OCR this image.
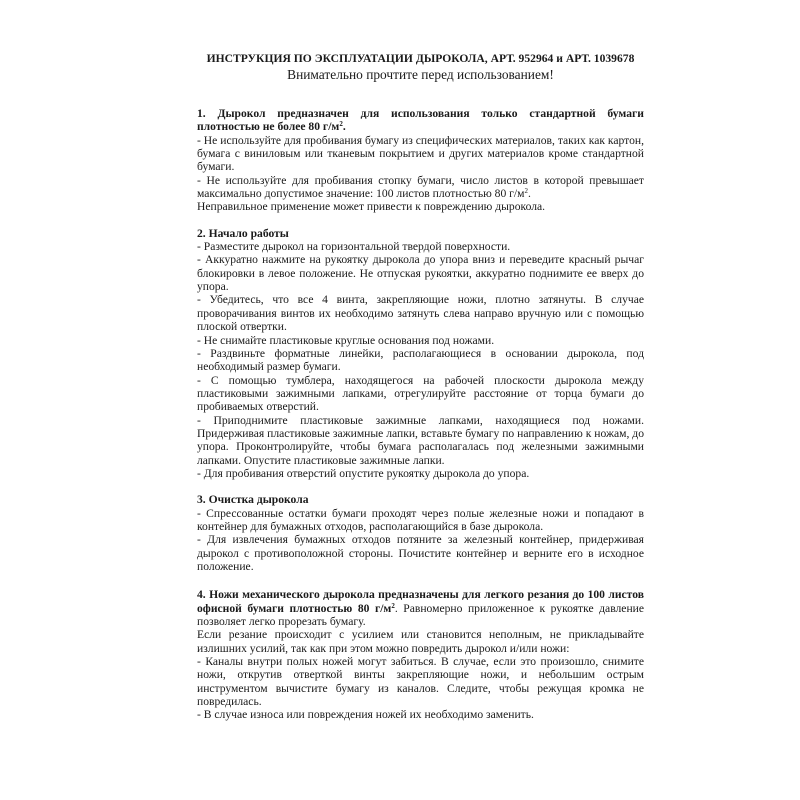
ИНСТРУКЦИЯ ПО ЭКСПЛУАТАЦИИ ДЫРОКОЛА, АРТ. 952964 и АРТ. 1039678
Внимательно прочтите перед использованием!

1. Дырокол предназначен для использования только стандартной бумаги плотностью не более 80 $г/м^2$.

- Не используйте для пробивания бумагу из специфических материалов, таких как картон, бумага с виниловым или тканевым покрытием и других материалов кроме стандартной бумаги.

- Не используйте для пробивания стопку бумаги, число листов в которой превышает максимально допустимое значение: 100 листов плотностью 80 $г/м^2$.

Неправильное применение может привести к повреждению дырокола.

2. Начало работы

- Разместите дырокол на горизонтальной твердой поверхности.

- Аккуратно нажмите на рукоятку дырокола до упора вниз и переведите красный рычаг блокировки в левое положение. Не отпуская рукоятки, аккуратно поднимите ее вверх до упора.

- Убедитесь, что все 4 винта, закрепляющие ножи, плотно затянуты. В случае проворачивания винтов их необходимо затянуть слева направо вручную или с помощью плоской отвертки.

- Не снимайте пластиковые круглые основания под ножами.

- Раздвиньте форматные линейки, располагающиеся в основании дырокола, под необходимый размер бумаги.

- С помощью тумблера, находящегося на рабочей плоскости дырокола между пластиковыми зажимными лапками, отрегулируйте расстояние от торца бумаги до пробиваемых отверстий.

- Приподнимите пластиковые зажимные лапками, находящиеся под ножами. Придерживая пластиковые зажимные лапки, вставьте бумагу по направлению к ножам, до упора. Проконтролируйте, чтобы бумага располагалась под железными зажимными лапками. Опустите пластиковые зажимные лапки.

- Для пробивания отверстий опустите рукоятку дырокола до упора.

3. Очистка дырокола

- Спрессованные остатки бумаги проходят через полые железные ножи и попадают в контейнер для бумажных отходов, располагающийся в базе дырокола.

- Для извлечения бумажных отходов потяните за железный контейнер, придерживая дырокол с противоположной стороны. Почистите контейнер и верните его в исходное положение.

4. Ножи механического дырокола предназначены для легкого резания до 100 листов офисной бумаги плотностью 80 $г/м^2$. Равномерно приложенное к рукоятке давление позволяет легко прорезать бумагу.

Если резание происходит с усилием или становится неполным, не прикладывайте излишних усилий, так как при этом можно повредить дырокол и/или ножи:

- Каналы внутри полых ножей могут забиться. В случае, если это произошло, снимите ножи, открутив отверткой винты закрепляющие ножи, и небольшим острым инструментом вычистите бумагу из каналов. Следите, чтобы режущая кромка не повредилась.

- В случае износа или повреждения ножей их необходимо заменить.
